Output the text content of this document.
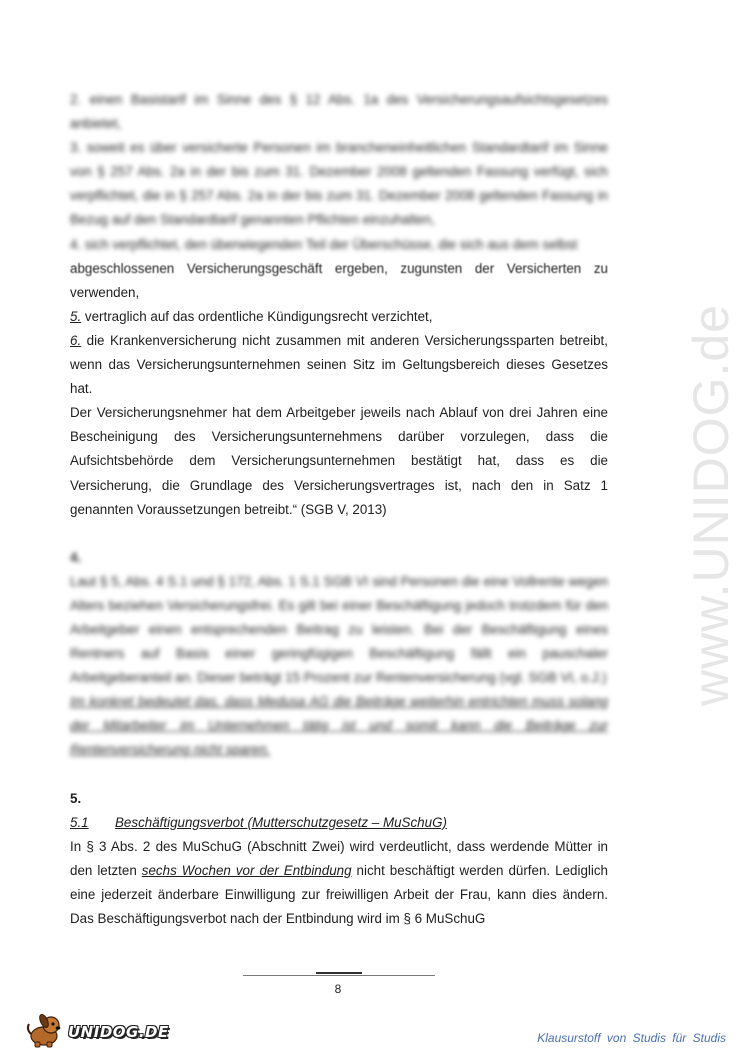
2. einen Basistarif im Sinne des § 12 Abs. 1a des Versicherungsaufsichtsgesetzes anbietet,

3. soweit es über versicherte Personen im brancheneinheitlichen Standardtarif im Sinne von § 257 Abs. 2a in der bis zum 31. Dezember 2008 geltenden Fassung verfügt, sich verpflichtet, die in § 257 Abs. 2a in der bis zum 31. Dezember 2008 geltenden Fassung in Bezug auf den Standardtarif genannten Pflichten einzuhalten,

4. sich verpflichtet, den überwiegenden Teil der Überschüsse, die sich aus dem selbst

abgeschlossenen Versicherungsgeschäft ergeben, zugunsten der Versicherten zu

verwenden,

5. vertraglich auf das ordentliche Kündigungsrecht verzichtet,

6. die Krankenversicherung nicht zusammen mit anderen Versicherungssparten betreibt, wenn das Versicherungsunternehmen seinen Sitz im Geltungsbereich dieses Gesetzes hat.

Der Versicherungsnehmer hat dem Arbeitgeber jeweils nach Ablauf von drei Jahren eine Bescheinigung des Versicherungsunternehmens darüber vorzulegen, dass die Aufsichtsbehörde dem Versicherungsunternehmen bestätigt hat, dass es die Versicherung, die Grundlage des Versicherungsvertrages ist, nach den in Satz 1 genannten Voraussetzungen betreibt.“ (SGB V, 2013)

4.

Laut § 5, Abs. 4 S.1 und § 172, Abs. 1 S.1 SGB VI sind Personen die eine Vollrente wegen Alters beziehen Versicherungsfrei. Es gilt bei einer Beschäftigung jedoch trotzdem für den Arbeitgeber einen entsprechenden Beitrag zu leisten. Bei der Beschäftigung eines Rentners auf Basis einer geringfügigen Beschäftigung fällt ein pauschaler Arbeitgeberanteil an. Dieser beträgt 15 Prozent zur Rentenversicherung (vgl. SGB VI, o.J.)

Im konkret bedeutet das, dass Medusa AG die Beiträge weiterhin entrichten muss solang der Mitarbeiter im Unternehmen tätig ist und somit kann die Beiträge zur Rentenversicherung nicht sparen.

5.

5.1 Beschäftigungsverbot (Mutterschutzgesetz – MuSchuG)

In § 3 Abs. 2 des MuSchuG (Abschnitt Zwei) wird verdeutlicht, dass werdende Mütter in den letzten sechs Wochen vor der Entbindung nicht beschäftigt werden dürfen. Lediglich eine jederzeit änderbare Einwilligung zur freiwilligen Arbeit der Frau, kann dies ändern. Das Beschäftigungsverbot nach der Entbindung wird im § 6 MuSchuG

www.UNIDOG.de
8
UNIDOG.DE	Klausurstoff von Studis für Studis
